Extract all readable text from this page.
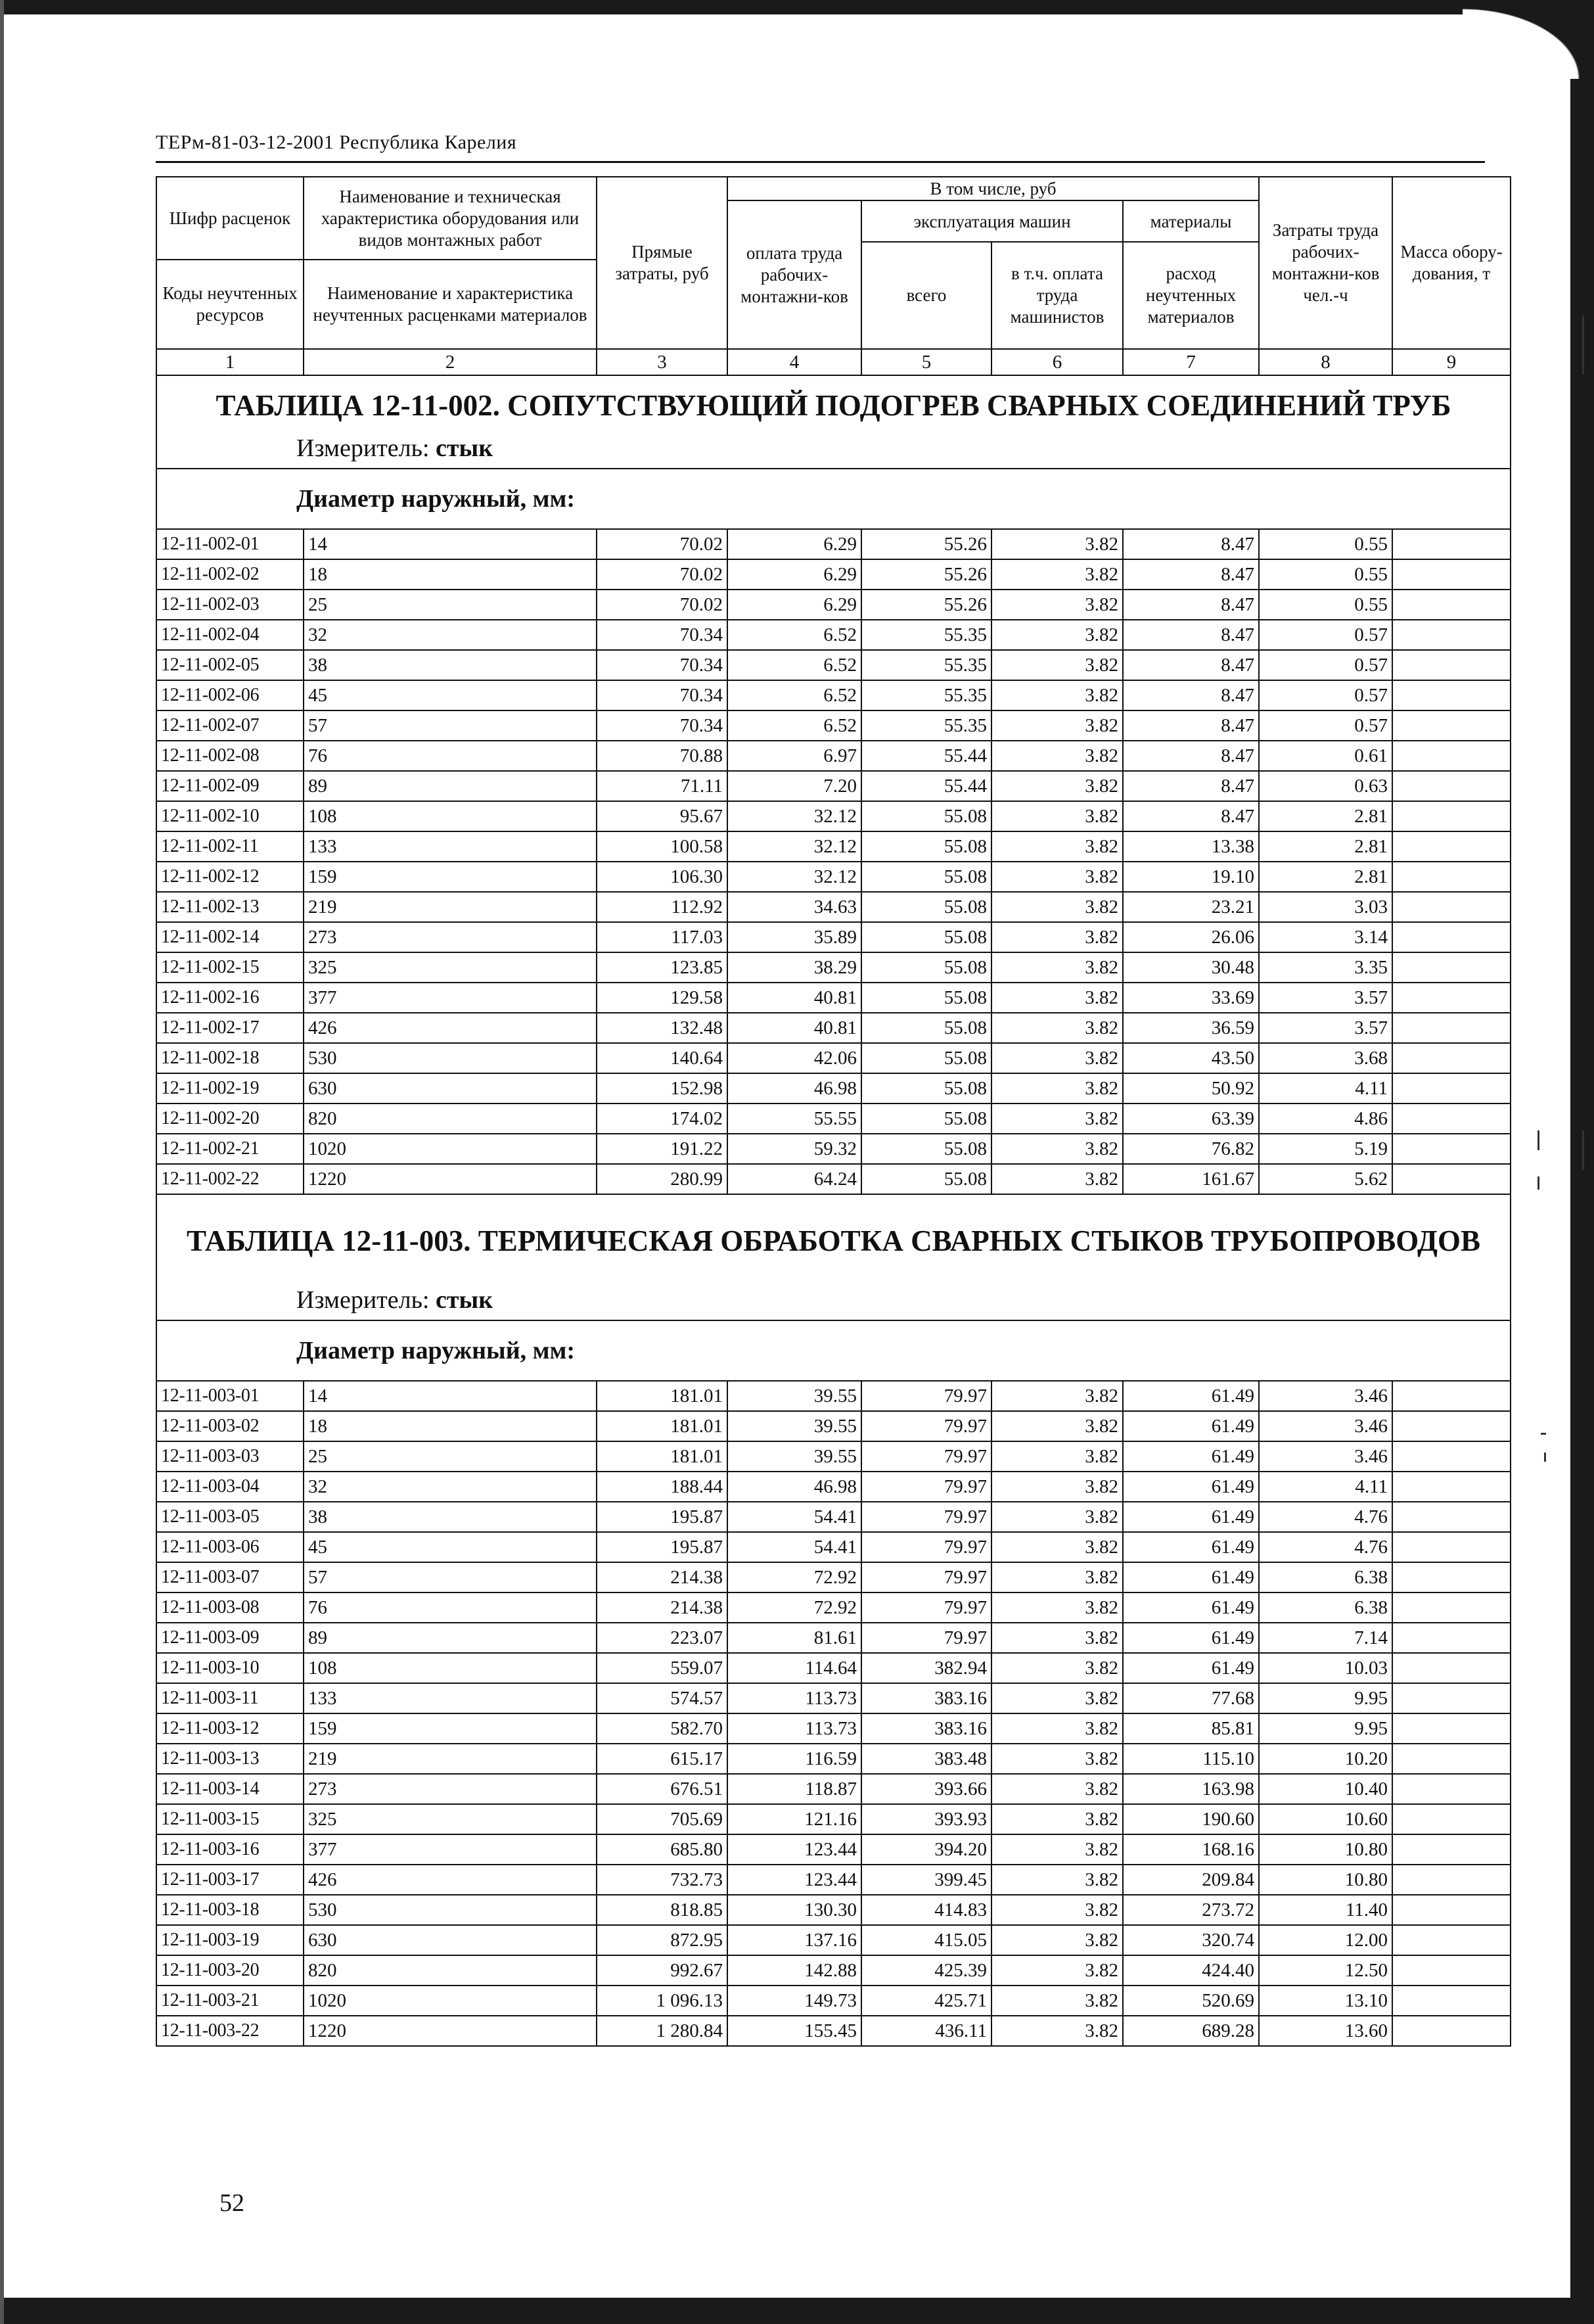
ТЕРм-81-03-12-2001 Республика Карелия
Шифр расценок	Наименование и техническая характеристика оборудования или видов монтажных работ	Прямые затраты, руб	В том числе, руб				Затраты труда рабочих-монтажни-ков чел.-ч	Масса обору-дования, т
			оплата труда рабочих-монтажни-ков	эксплуатация машин		материалы		
				всего	в т.ч. оплата труда машинистов	расход неучтенных материалов		
Коды неучтенных ресурсов	Наименование и характеристика неучтенных расценками материалов							

1	2	3	4	5	6	7	8	9
ТАБЛИЦА 12-11-002. СОПУТСТВУЮЩИЙ ПОДОГРЕВ СВАРНЫХ СОЕДИНЕНИЙ ТРУБ								
Измеритель: стык								
Диаметр наружный, мм:								
12-11-002-01	14	70.02	6.29	55.26	3.82	8.47	0.55	
12-11-002-02	18	70.02	6.29	55.26	3.82	8.47	0.55	
12-11-002-03	25	70.02	6.29	55.26	3.82	8.47	0.55	
12-11-002-04	32	70.34	6.52	55.35	3.82	8.47	0.57	
12-11-002-05	38	70.34	6.52	55.35	3.82	8.47	0.57	
12-11-002-06	45	70.34	6.52	55.35	3.82	8.47	0.57	
12-11-002-07	57	70.34	6.52	55.35	3.82	8.47	0.57	
12-11-002-08	76	70.88	6.97	55.44	3.82	8.47	0.61	
12-11-002-09	89	71.11	7.20	55.44	3.82	8.47	0.63	
12-11-002-10	108	95.67	32.12	55.08	3.82	8.47	2.81	
12-11-002-11	133	100.58	32.12	55.08	3.82	13.38	2.81	
12-11-002-12	159	106.30	32.12	55.08	3.82	19.10	2.81	
12-11-002-13	219	112.92	34.63	55.08	3.82	23.21	3.03	
12-11-002-14	273	117.03	35.89	55.08	3.82	26.06	3.14	
12-11-002-15	325	123.85	38.29	55.08	3.82	30.48	3.35	
12-11-002-16	377	129.58	40.81	55.08	3.82	33.69	3.57	
12-11-002-17	426	132.48	40.81	55.08	3.82	36.59	3.57	
12-11-002-18	530	140.64	42.06	55.08	3.82	43.50	3.68	
12-11-002-19	630	152.98	46.98	55.08	3.82	50.92	4.11	
12-11-002-20	820	174.02	55.55	55.08	3.82	63.39	4.86	
12-11-002-21	1020	191.22	59.32	55.08	3.82	76.82	5.19	
12-11-002-22	1220	280.99	64.24	55.08	3.82	161.67	5.62	
ТАБЛИЦА 12-11-003. ТЕРМИЧЕСКАЯ ОБРАБОТКА СВАРНЫХ СТЫКОВ ТРУБОПРОВОДОВ								
Измеритель: стык								
Диаметр наружный, мм:								
12-11-003-01	14	181.01	39.55	79.97	3.82	61.49	3.46	
12-11-003-02	18	181.01	39.55	79.97	3.82	61.49	3.46	
12-11-003-03	25	181.01	39.55	79.97	3.82	61.49	3.46	
12-11-003-04	32	188.44	46.98	79.97	3.82	61.49	4.11	
12-11-003-05	38	195.87	54.41	79.97	3.82	61.49	4.76	
12-11-003-06	45	195.87	54.41	79.97	3.82	61.49	4.76	
12-11-003-07	57	214.38	72.92	79.97	3.82	61.49	6.38	
12-11-003-08	76	214.38	72.92	79.97	3.82	61.49	6.38	
12-11-003-09	89	223.07	81.61	79.97	3.82	61.49	7.14	
12-11-003-10	108	559.07	114.64	382.94	3.82	61.49	10.03	
12-11-003-11	133	574.57	113.73	383.16	3.82	77.68	9.95	
12-11-003-12	159	582.70	113.73	383.16	3.82	85.81	9.95	
12-11-003-13	219	615.17	116.59	383.48	3.82	115.10	10.20	
12-11-003-14	273	676.51	118.87	393.66	3.82	163.98	10.40	
12-11-003-15	325	705.69	121.16	393.93	3.82	190.60	10.60	
12-11-003-16	377	685.80	123.44	394.20	3.82	168.16	10.80	
12-11-003-17	426	732.73	123.44	399.45	3.82	209.84	10.80	
12-11-003-18	530	818.85	130.30	414.83	3.82	273.72	11.40	
12-11-003-19	630	872.95	137.16	415.05	3.82	320.74	12.00	
12-11-003-20	820	992.67	142.88	425.39	3.82	424.40	12.50	
12-11-003-21	1020	1 096.13	149.73	425.71	3.82	520.69	13.10	
12-11-003-22	1220	1 280.84	155.45	436.11	3.82	689.28	13.60	
52
